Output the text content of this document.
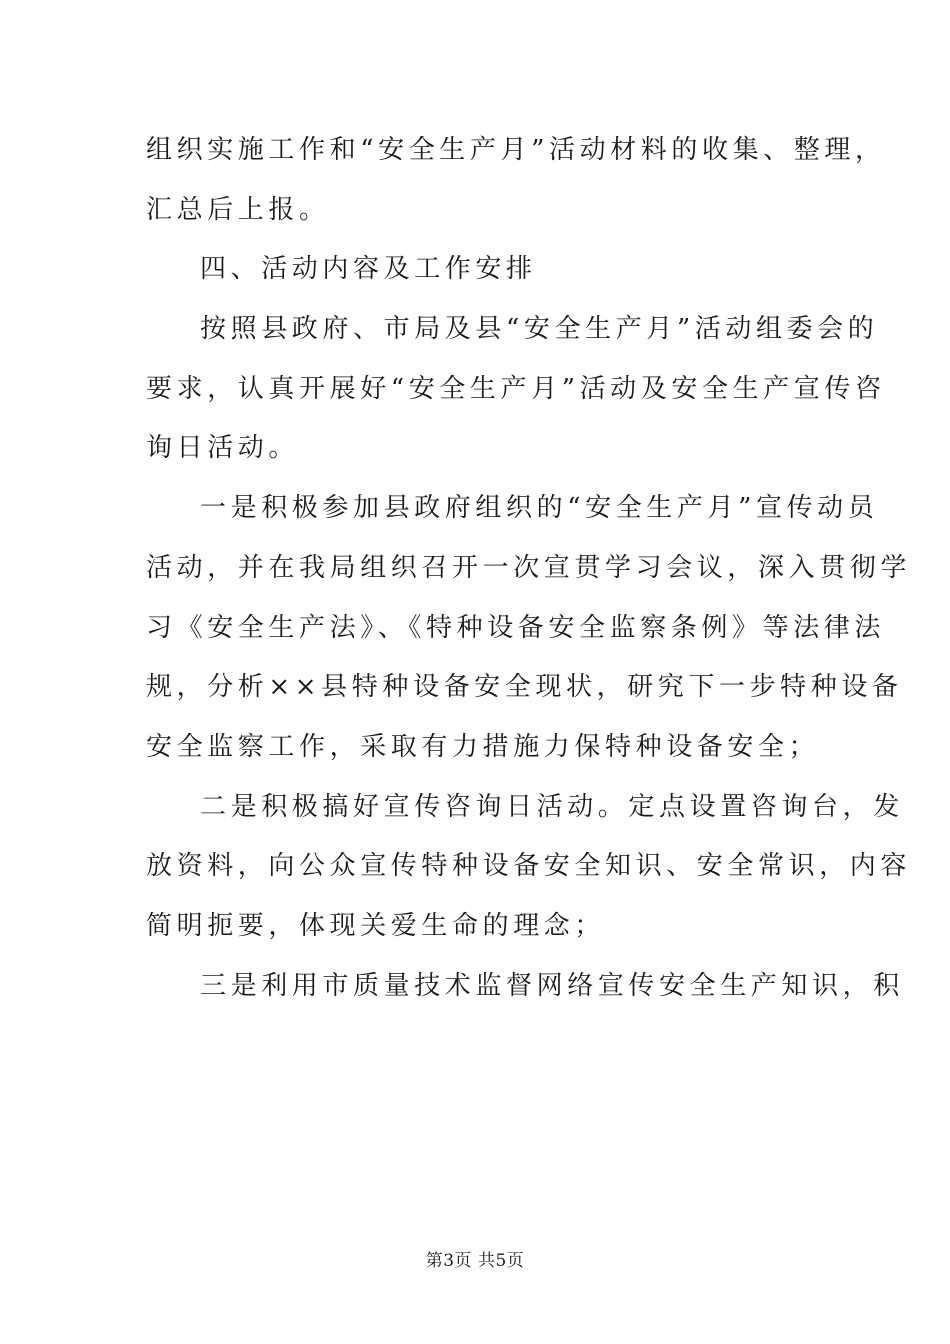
组织实施工作和“安全生产月”活动材料的收集、整理，
汇总后上报。
四、活动内容及工作安排
按照县政府、市局及县“安全生产月”活动组委会的
要求，认真开展好“安全生产月”活动及安全生产宣传咨
询日活动。
一是积极参加县政府组织的“安全生产月”宣传动员
活动，并在我局组织召开一次宣贯学习会议，深入贯彻学
习《安全生产法》、《特种设备安全监察条例》等法律法
规，分析××县特种设备安全现状，研究下一步特种设备
安全监察工作，采取有力措施力保特种设备安全；
二是积极搞好宣传咨询日活动。定点设置咨询台，发
放资料，向公众宣传特种设备安全知识、安全常识，内容
简明扼要，体现关爱生命的理念；
三是利用市质量技术监督网络宣传安全生产知识，积
第3页 共5页
